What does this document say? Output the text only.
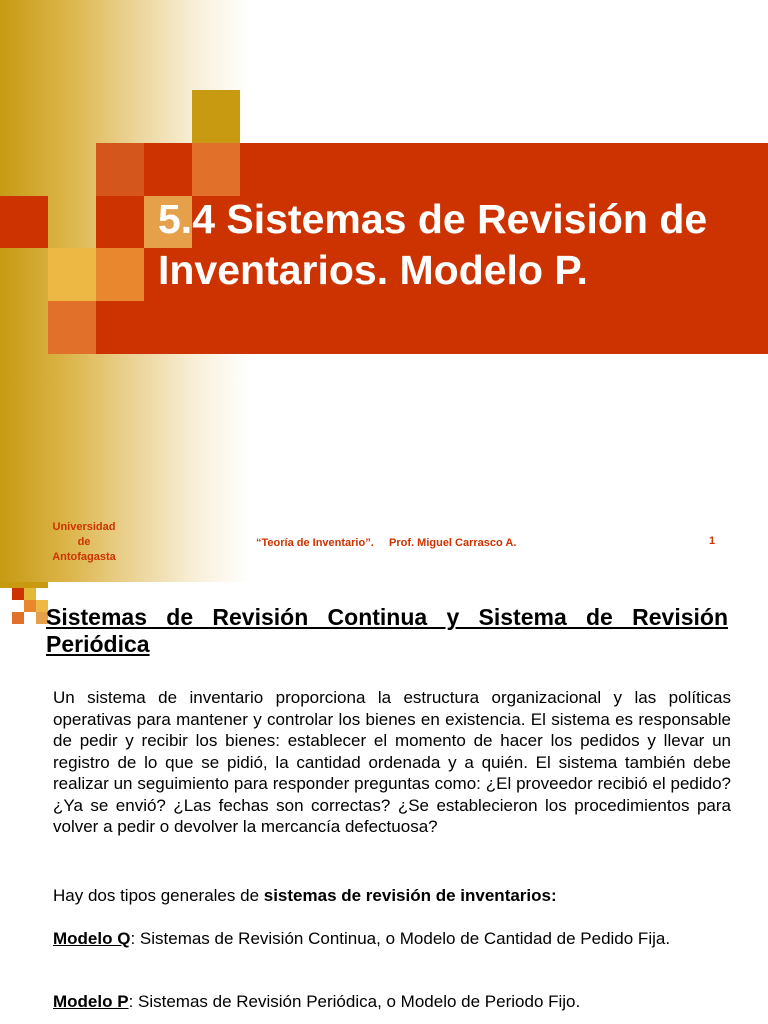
5.4 Sistemas de Revisión de Inventarios. Modelo P.
Universidad
de
Antofagasta
“Teoría de Inventario”.     Prof. Miguel Carrasco A.	1
Sistemas de Revisión Continua y Sistema de Revisión Periódica

Un sistema de inventario proporciona la estructura organizacional y las políticas operativas para mantener y controlar los bienes en existencia. El sistema es responsable de pedir y recibir los bienes: establecer el momento de hacer los pedidos y llevar un registro de lo que se pidió, la cantidad ordenada y a quién. El sistema también debe realizar un seguimiento para responder preguntas como: ¿El proveedor recibió el pedido? ¿Ya se envió? ¿Las fechas son correctas? ¿Se establecieron los procedimientos para volver a pedir o devolver la mercancía defectuosa?

Hay dos tipos generales de sistemas de revisión de inventarios:

Modelo Q: Sistemas de Revisión Continua, o Modelo de Cantidad de Pedido Fija.

Modelo P: Sistemas de Revisión Periódica, o Modelo de Periodo Fijo.
